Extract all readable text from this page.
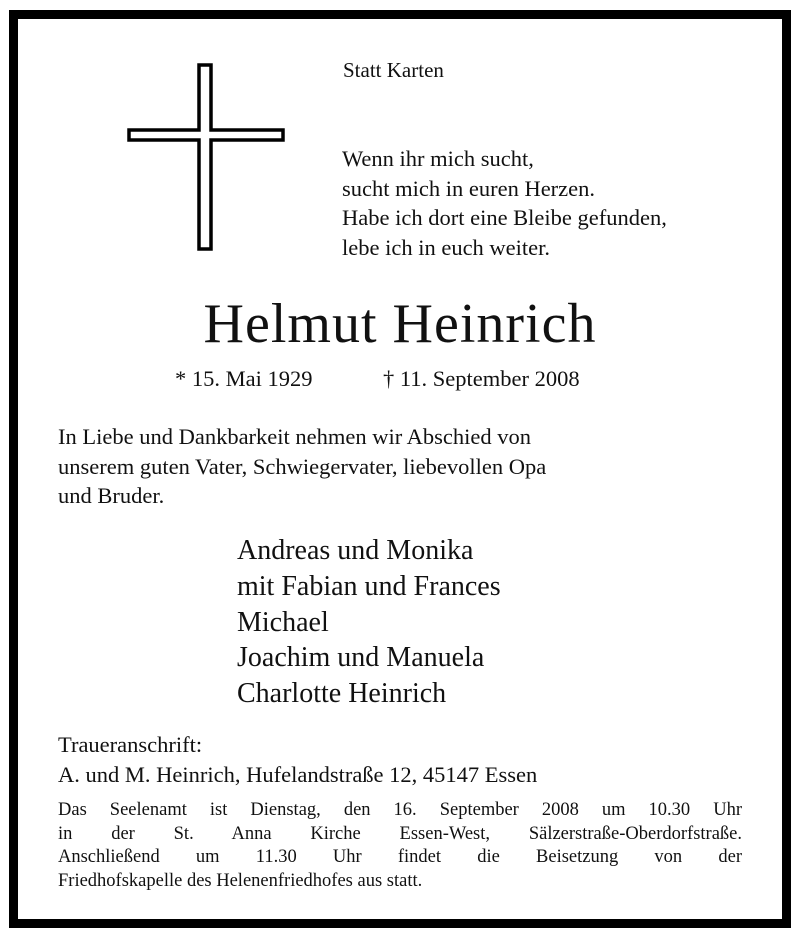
Statt Karten

Wenn ihr mich sucht,
sucht mich in euren Herzen.
Habe ich dort eine Bleibe gefunden,
lebe ich in euch weiter.

Helmut Heinrich

* 15. Mai 1929	† 11. September 2008

In Liebe und Dankbarkeit nehmen wir Abschied von
unserem guten Vater, Schwiegervater, liebevollen Opa
und Bruder.
Andreas und Monika
mit Fabian und Frances
Michael
Joachim und Manuela
Charlotte Heinrich
Traueranschrift:
A. und M. Heinrich, Hufelandstraße 12, 45147 Essen
Das Seelenamt ist Dienstag, den 16. September 2008 um 10.30 Uhr
in der St. Anna Kirche Essen-West, Sälzerstraße-Oberdorfstraße.
Anschließend um 11.30 Uhr findet die Beisetzung von der
Friedhofskapelle des Helenenfriedhofes aus statt.
